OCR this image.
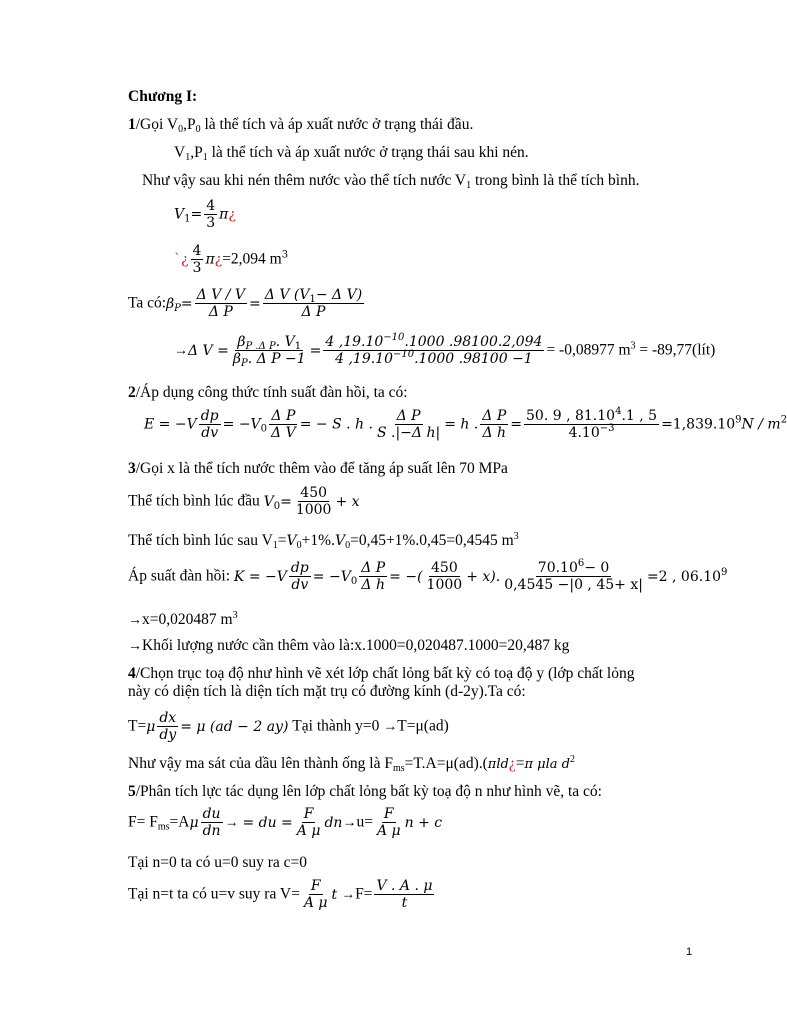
Chương I:
1/Gọi $V_0,P_0$ là thể tích và áp xuất nước ở trạng thái đầu.
$V_1,P_1$ là thể tích và áp xuất nước ở trạng thái sau khi nén.
Như vậy sau khi nén thêm nước vào thể tích nước $V_1$ trong bình là thể tích bình.
$V_1= \frac{4}{3}$ π¿
`¿ $\frac{4}{3}$ π¿=2,094 $m^3$
Ta $có:\beta_P= \frac{\text{Δ V / V}}{\text{Δ P}} = \frac{\Delta V (V_1- \Delta V)}{\text{Δ P}}$
→Δ $V = \frac{\beta_{P .\Delta P}. V_1}{\beta_P. \Delta P -1} = \frac{4 ,19.10^{-10}.1000 .98100.2,094}{4 ,19.10^{-10}.1000 .98100 -1} = -0,08977$ $m^3$ = -89,77(lít)
2/Áp dụng công thức tính suất đàn hồi, ta có:
$E = -V \frac{dp}{dv} = -V_0 \frac{\text{Δ P}}{\text{Δ V}}$ = − S . h . $\frac{\text{Δ P}}{\text{S .|−Δ h|}} = h$ . $\frac{\text{Δ P}}{\text{Δ h}} = \frac{50. 9 , 81.10^4.1 , 5}{4.10^{-3}} =1,839.10^9N / m^2$
3/Gọi x là thể tích nước thêm vào để tăng áp suất lên 70 MPa
Thể tích bình lúc đầu $V_0= \frac{450}{1000} + x$
Thể tích bình lúc sau $V_1=V_0+1\%.V_0=0,45+1\%.0,45=0,4545$ $m^3$
Áp suất đàn hồi: $K = -V \frac{dp}{dv} = -V_0 \frac{\text{Δ P}}{\text{Δ h}}$ = −( $\frac{450}{1000} + x$). $\frac{70.10^6- 0}{0,4545 -|0 , 45+ x|} =2$ , $06.10^9$
→x=0,020487 $m^3$
→Khối lượng nước cần thêm vào là:x.1000=0,020487.1000=20,487 kg
4/Chọn trục toạ độ như hình vẽ xét lớp chất lỏng bất kỳ có toạ độ y (lớp chất lỏng
này có diện tích là diện tích mặt trụ có đường kính (d-2y).Ta có:
$T=\mu \frac{dx}{dy} = \mu$ (ad − 2 ay) Tại thành y=0 →T=μ(ad)
Như vậy ma sát của dầu lên thành ống là $F_{ms}=T.A=\mu(ad).(\pi ld¿=\pi$ μla $d^2$
5/Phân tích lực tác dụng lên lớp chất lỏng bất kỳ toạ độ n như hình vẽ, ta có:
$F= F_{ms}=A\mu \frac{du}{dn}$ → = du = $\frac{F}{\text{A μ}} dn\to u= \frac{F}{\text{A μ}}$ n + c
Tại n=0 ta có u=0 suy ra c=0
Tại n=t ta có u=v suy ra $V= \frac{F}{\text{A μ}}$ $t \to F= \frac{V . A . \mu}{t}$
1
